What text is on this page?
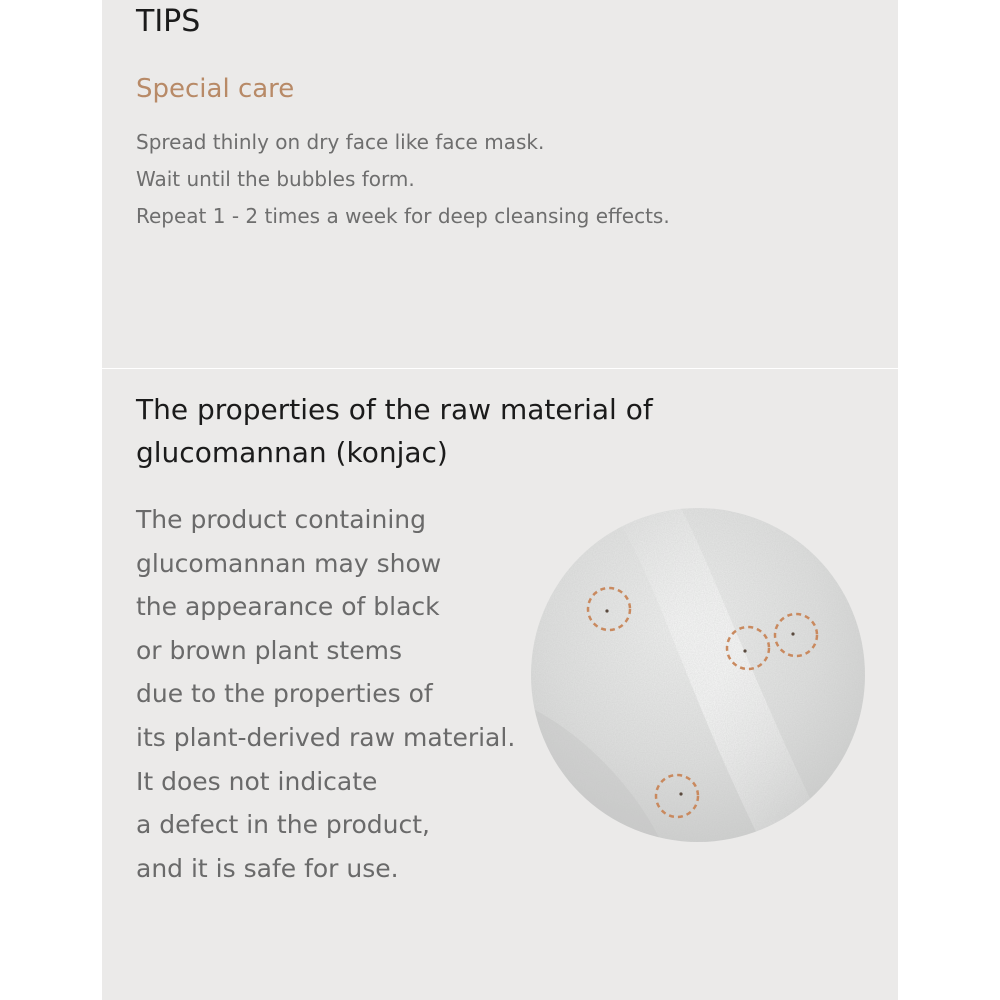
TIPS
Special care
Spread thinly on dry face like face mask.
Wait until the bubbles form.
Repeat 1 - 2 times a week for deep cleansing effects.
The properties of the raw material of
glucomannan (konjac)
The product containing
glucomannan may show
the appearance of black
or brown plant stems
due to the properties of
its plant-derived raw material.
It does not indicate
a defect in the product,
and it is safe for use.
